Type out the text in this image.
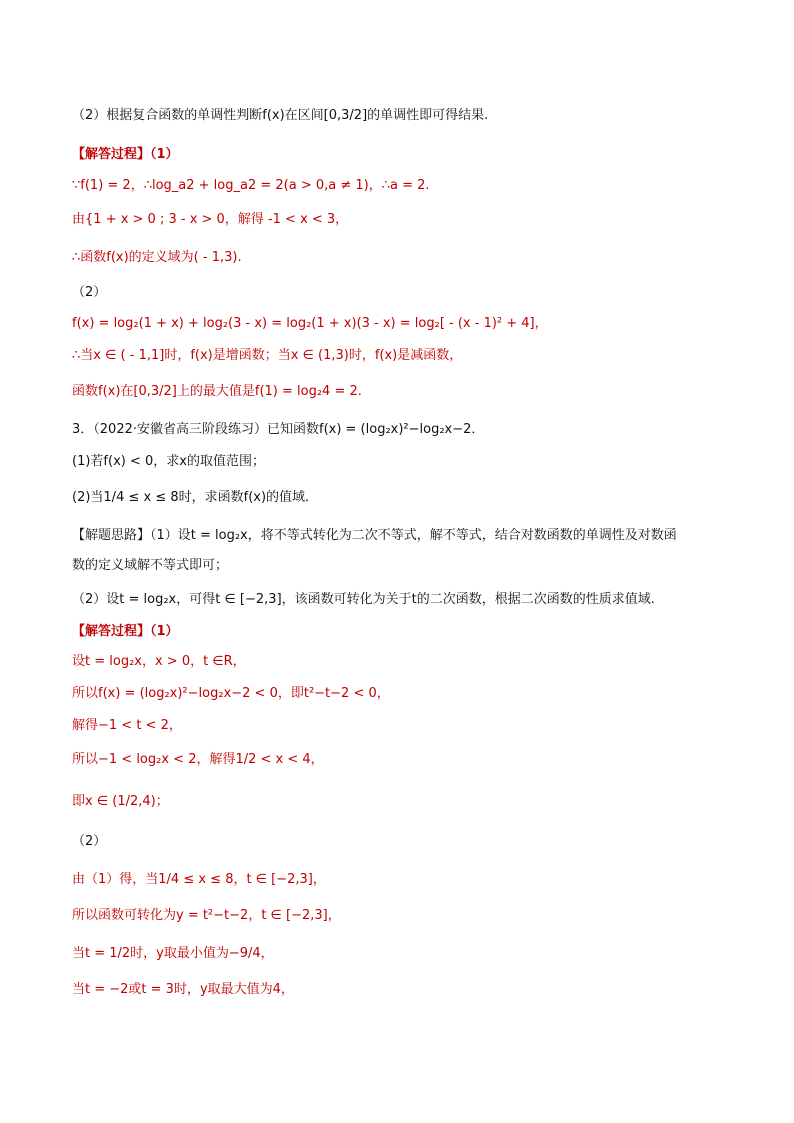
（2）根据复合函数的单调性判断f(x)在区间[0,3/2]的单调性即可得结果.
【解答过程】（1）
∵f(1) = 2，∴log_a2 + log_a2 = 2(a > 0,a ≠ 1)，∴a = 2.
由{1 + x > 0 ; 3 - x > 0，解得 -1 < x < 3，
∴函数f(x)的定义域为( - 1,3).
（2）
f(x) = log₂(1 + x) + log₂(3 - x) = log₂(1 + x)(3 - x) = log₂[ - (x - 1)² + 4]，
∴当x ∈ ( - 1,1]时，f(x)是增函数；当x ∈ (1,3)时，f(x)是减函数，
函数f(x)在[0,3/2]上的最大值是f(1) = log₂4 = 2.
3．（2022·安徽省高三阶段练习）已知函数f(x) = (log₂x)²−log₂x−2．
(1)若f(x) < 0，求x的取值范围；
(2)当1/4 ≤ x ≤ 8时，求函数f(x)的值域．
【解题思路】（1）设t = log₂x，将不等式转化为二次不等式，解不等式，结合对数函数的单调性及对数函
数的定义域解不等式即可；
（2）设t = log₂x，可得t ∈ [−2,3]，该函数可转化为关于t的二次函数，根据二次函数的性质求值域.
【解答过程】（1）
设t = log₂x，x > 0，t ∈R，
所以f(x) = (log₂x)²−log₂x−2 < 0，即t²−t−2 < 0，
解得−1 < t < 2，
所以−1 < log₂x < 2，解得1/2 < x < 4，
即x ∈ (1/2,4)；
（2）
由（1）得，当1/4 ≤ x ≤ 8，t ∈ [−2,3]，
所以函数可转化为y = t²−t−2，t ∈ [−2,3]，
当t = 1/2时，y取最小值为−9/4，
当t = −2或t = 3时，y取最大值为4，
